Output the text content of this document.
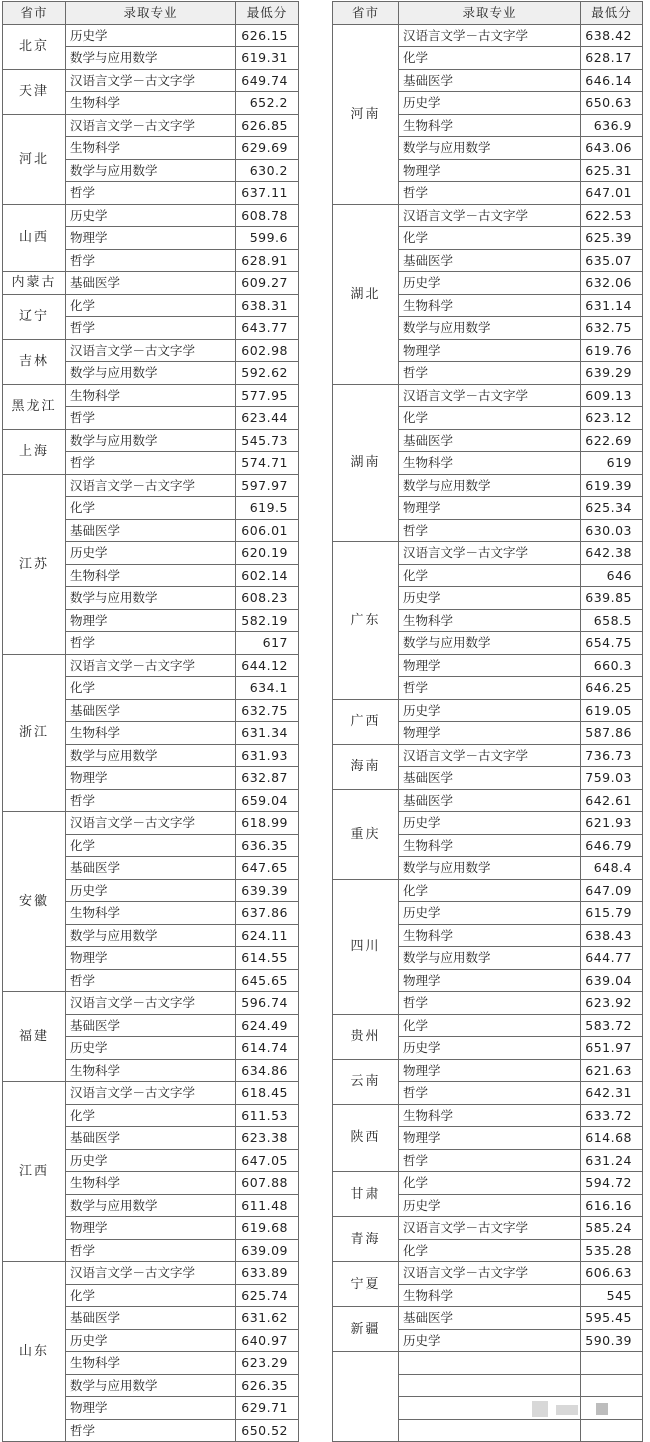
省市	录取专业	最低分
北京	历史学	626.15
	数学与应用数学	619.31
天津	汉语言文学－古文字学	649.74
	生物科学	652.2
河北	汉语言文学－古文字学	626.85
	生物科学	629.69
	数学与应用数学	630.2
	哲学	637.11
山西	历史学	608.78
	物理学	599.6
	哲学	628.91
内蒙古	基础医学	609.27
辽宁	化学	638.31
	哲学	643.77
吉林	汉语言文学－古文字学	602.98
	数学与应用数学	592.62
黑龙江	生物科学	577.95
	哲学	623.44
上海	数学与应用数学	545.73
	哲学	574.71
江苏	汉语言文学－古文字学	597.97
	化学	619.5
	基础医学	606.01
	历史学	620.19
	生物科学	602.14
	数学与应用数学	608.23
	物理学	582.19
	哲学	617
浙江	汉语言文学－古文字学	644.12
	化学	634.1
	基础医学	632.75
	生物科学	631.34
	数学与应用数学	631.93
	物理学	632.87
	哲学	659.04
安徽	汉语言文学－古文字学	618.99
	化学	636.35
	基础医学	647.65
	历史学	639.39
	生物科学	637.86
	数学与应用数学	624.11
	物理学	614.55
	哲学	645.65
福建	汉语言文学－古文字学	596.74
	基础医学	624.49
	历史学	614.74
	生物科学	634.86
江西	汉语言文学－古文字学	618.45
	化学	611.53
	基础医学	623.38
	历史学	647.05
	生物科学	607.88
	数学与应用数学	611.48
	物理学	619.68
	哲学	639.09
山东	汉语言文学－古文字学	633.89
	化学	625.74
	基础医学	631.62
	历史学	640.97
	生物科学	623.29
	数学与应用数学	626.35
	物理学	629.71
	哲学	650.52
省市	录取专业	最低分
河南	汉语言文学－古文字学	638.42
	化学	628.17
	基础医学	646.14
	历史学	650.63
	生物科学	636.9
	数学与应用数学	643.06
	物理学	625.31
	哲学	647.01
湖北	汉语言文学－古文字学	622.53
	化学	625.39
	基础医学	635.07
	历史学	632.06
	生物科学	631.14
	数学与应用数学	632.75
	物理学	619.76
	哲学	639.29
湖南	汉语言文学－古文字学	609.13
	化学	623.12
	基础医学	622.69
	生物科学	619
	数学与应用数学	619.39
	物理学	625.34
	哲学	630.03
广东	汉语言文学－古文字学	642.38
	化学	646
	历史学	639.85
	生物科学	658.5
	数学与应用数学	654.75
	物理学	660.3
	哲学	646.25
广西	历史学	619.05
	物理学	587.86
海南	汉语言文学－古文字学	736.73
	基础医学	759.03
重庆	基础医学	642.61
	历史学	621.93
	生物科学	646.79
	数学与应用数学	648.4
四川	化学	647.09
	历史学	615.79
	生物科学	638.43
	数学与应用数学	644.77
	物理学	639.04
	哲学	623.92
贵州	化学	583.72
	历史学	651.97
云南	物理学	621.63
	哲学	642.31
陕西	生物科学	633.72
	物理学	614.68
	哲学	631.24
甘肃	化学	594.72
	历史学	616.16
青海	汉语言文学－古文字学	585.24
	化学	535.28
宁夏	汉语言文学－古文字学	606.63
	生物科学	545
新疆	基础医学	595.45
	历史学	590.39
